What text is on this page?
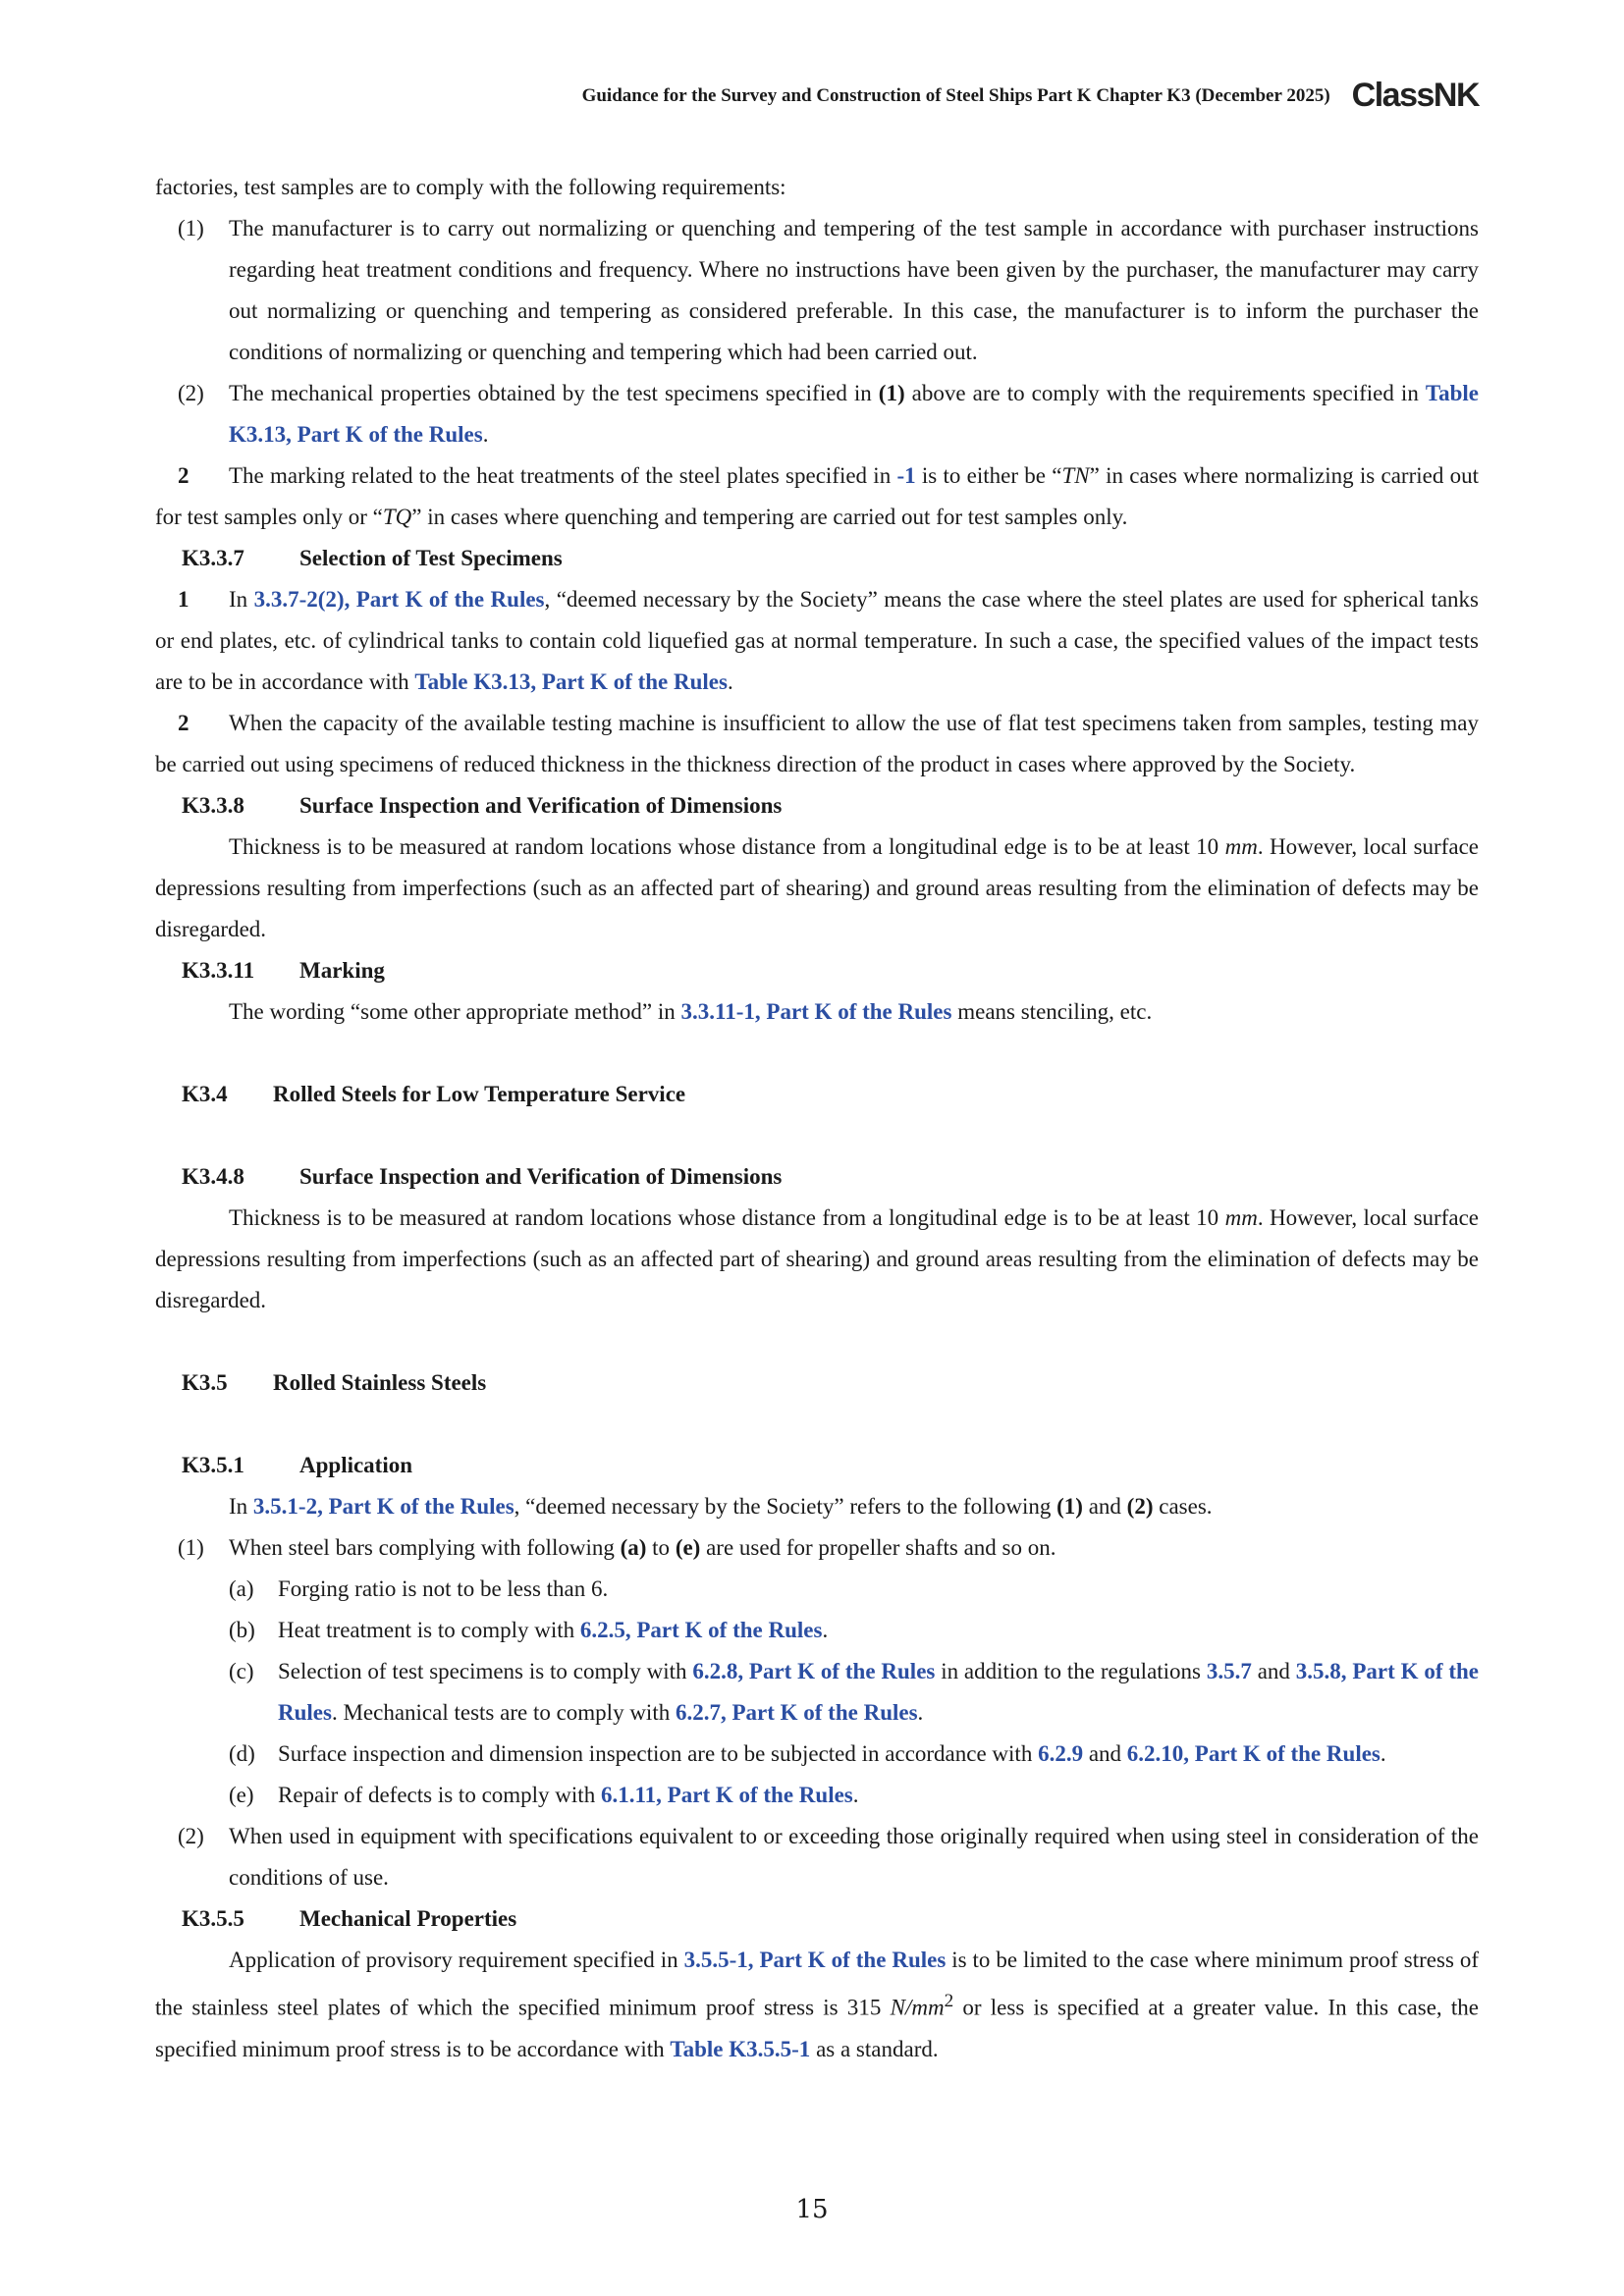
Guidance for the Survey and Construction of Steel Ships Part K Chapter K3 (December 2025) ClassNK

factories, test samples are to comply with the following requirements:

(1) The manufacturer is to carry out normalizing or quenching and tempering of the test sample in accordance with purchaser instructions regarding heat treatment conditions and frequency. Where no instructions have been given by the purchaser, the manufacturer may carry out normalizing or quenching and tempering as considered preferable. In this case, the manufacturer is to inform the purchaser the conditions of normalizing or quenching and tempering which had been carried out.

(2) The mechanical properties obtained by the test specimens specified in (1) above are to comply with the requirements specified in Table K3.13, Part K of the Rules.

2 The marking related to the heat treatments of the steel plates specified in -1 is to either be “TN” in cases where normalizing is carried out for test samples only or “TQ” in cases where quenching and tempering are carried out for test samples only.

K3.3.7 Selection of Test Specimens

1 In 3.3.7-2(2), Part K of the Rules, “deemed necessary by the Society” means the case where the steel plates are used for spherical tanks or end plates, etc. of cylindrical tanks to contain cold liquefied gas at normal temperature. In such a case, the specified values of the impact tests are to be in accordance with Table K3.13, Part K of the Rules.

2 When the capacity of the available testing machine is insufficient to allow the use of flat test specimens taken from samples, testing may be carried out using specimens of reduced thickness in the thickness direction of the product in cases where approved by the Society.

K3.3.8 Surface Inspection and Verification of Dimensions

Thickness is to be measured at random locations whose distance from a longitudinal edge is to be at least 10 mm. However, local surface depressions resulting from imperfections (such as an affected part of shearing) and ground areas resulting from the elimination of defects may be disregarded.

K3.3.11 Marking

The wording “some other appropriate method” in 3.3.11-1, Part K of the Rules means stenciling, etc.

K3.4 Rolled Steels for Low Temperature Service

K3.4.8 Surface Inspection and Verification of Dimensions

Thickness is to be measured at random locations whose distance from a longitudinal edge is to be at least 10 mm. However, local surface depressions resulting from imperfections (such as an affected part of shearing) and ground areas resulting from the elimination of defects may be disregarded.

K3.5 Rolled Stainless Steels

K3.5.1 Application

In 3.5.1-2, Part K of the Rules, “deemed necessary by the Society” refers to the following (1) and (2) cases.

(1) When steel bars complying with following (a) to (e) are used for propeller shafts and so on.

(a) Forging ratio is not to be less than 6.

(b) Heat treatment is to comply with 6.2.5, Part K of the Rules.

(c) Selection of test specimens is to comply with 6.2.8, Part K of the Rules in addition to the regulations 3.5.7 and 3.5.8, Part K of the Rules. Mechanical tests are to comply with 6.2.7, Part K of the Rules.

(d) Surface inspection and dimension inspection are to be subjected in accordance with 6.2.9 and 6.2.10, Part K of the Rules.

(e) Repair of defects is to comply with 6.1.11, Part K of the Rules.

(2) When used in equipment with specifications equivalent to or exceeding those originally required when using steel in consideration of the conditions of use.

K3.5.5 Mechanical Properties

Application of provisory requirement specified in 3.5.5-1, Part K of the Rules is to be limited to the case where minimum proof stress of the stainless steel plates of which the specified minimum proof stress is 315 $N/mm^2$ or less is specified at a greater value. In this case, the specified minimum proof stress is to be accordance with Table K3.5.5-1 as a standard.

15
